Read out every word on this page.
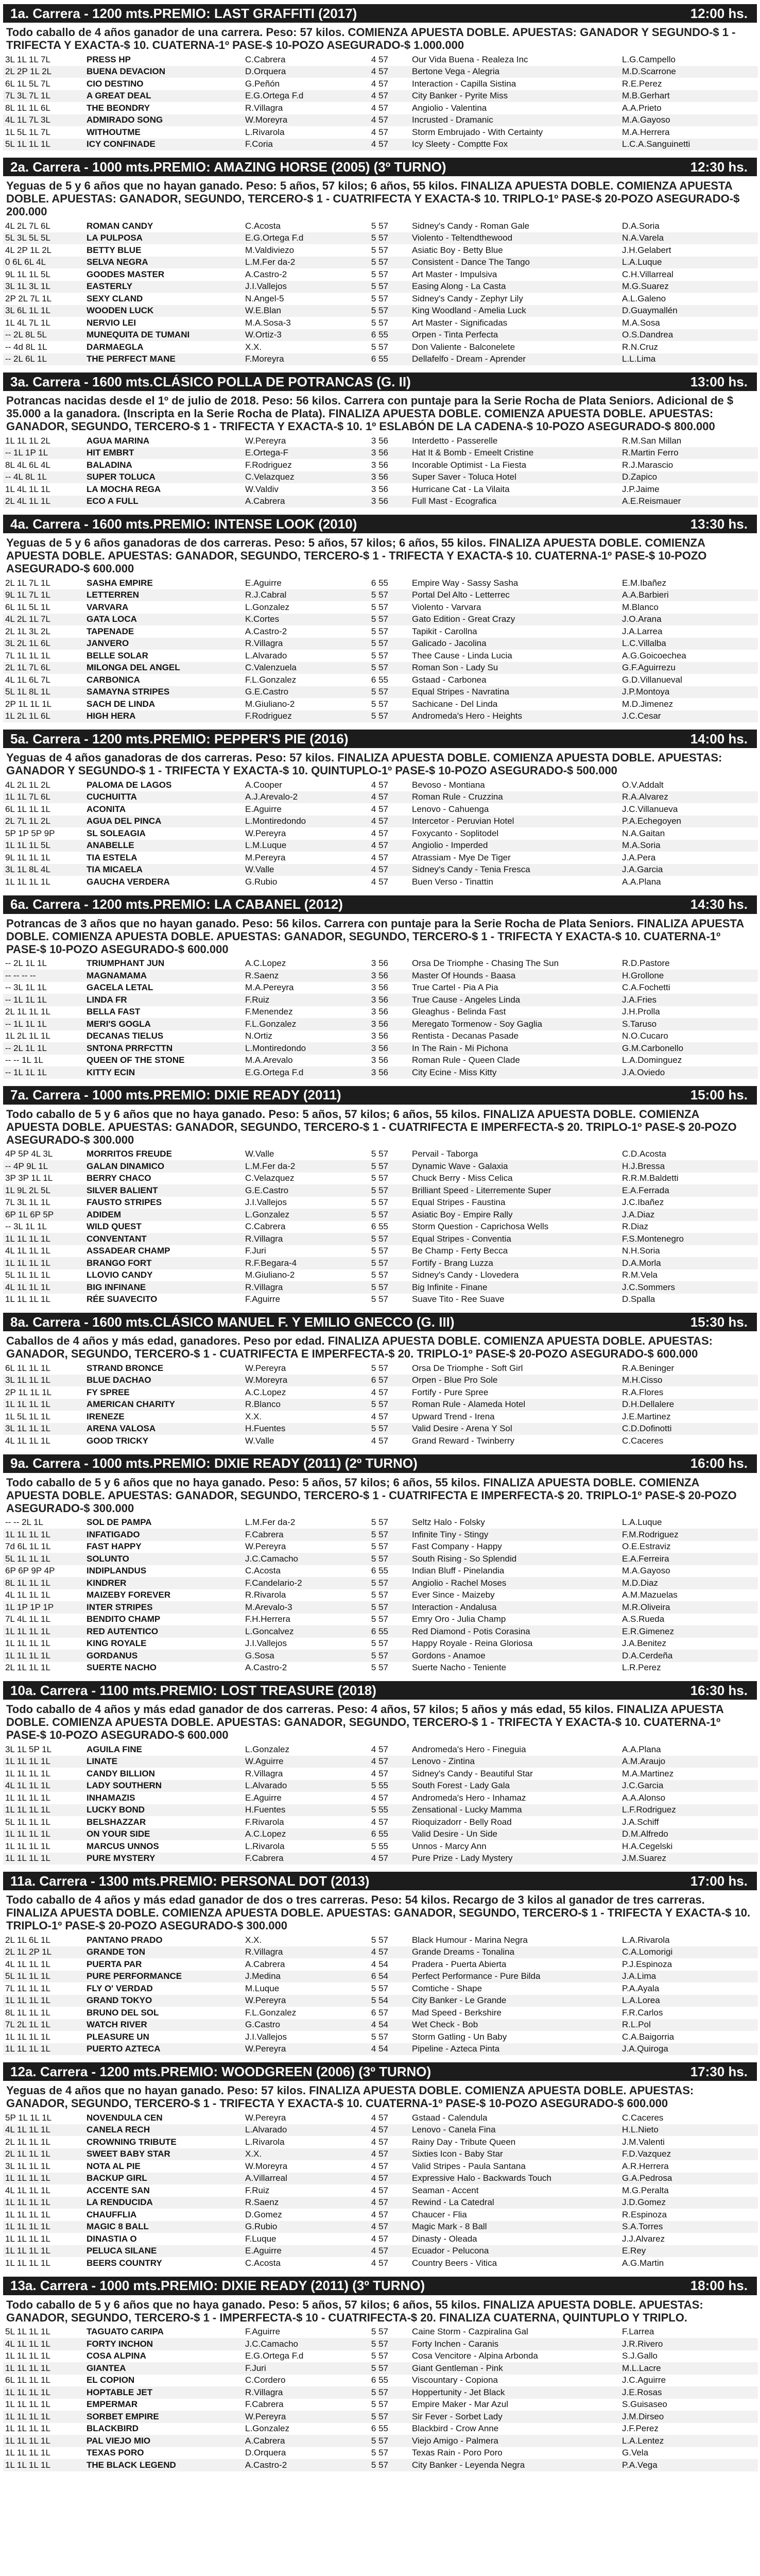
1a. Carrera - 1200 mts.PREMIO: LAST GRAFFITI (2017)	12:00 hs.
Todo caballo de 4 años ganador de una carrera. Peso: 57 kilos. COMIENZA APUESTA DOBLE. APUESTAS: GANADOR Y SEGUNDO-$ 1 - TRIFECTA Y EXACTA-$ 10. CUATERNA-1º PASE-$ 10-POZO ASEGURADO-$ 1.000.000
3L 1L 1L 7L	PRESS HP	C.Cabrera	4 57		Our Vida Buena - Realeza Inc	L.G.Campello
2L 2P 1L 2L	BUENA DEVACION	D.Orquera	4 57		Bertone Vega - Alegria	M.D.Scarrone
6L 1L 5L 7L	CIO DESTINO	G.Peñón	4 57		Interaction - Capilla Sistina	R.E.Perez
7L 3L 7L 1L	A GREAT DEAL	E.G.Ortega F.d	4 57		City Banker - Pyrite Miss	M.B.Gerhart
8L 1L 1L 6L	THE BEONDRY	R.Villagra	4 57		Angiolio - Valentina	A.A.Prieto
4L 1L 7L 3L	ADMIRADO SONG	W.Moreyra	4 57		Incrusted - Dramanic	M.A.Gayoso
1L 5L 1L 7L	WITHOUTME	L.Rivarola	4 57		Storm Embrujado - With Certainty	M.A.Herrera
5L 1L 1L 1L	ICY CONFINADE	F.Coria	4 57		Icy Sleety - Comptte Fox	L.C.A.Sanguinetti
2a. Carrera - 1000 mts.PREMIO: AMAZING HORSE (2005) (3º TURNO)	12:30 hs.
Yeguas de 5 y 6 años que no hayan ganado. Peso: 5 años, 57 kilos; 6 años, 55 kilos. FINALIZA APUESTA DOBLE. COMIENZA APUESTA DOBLE. APUESTAS: GANADOR, SEGUNDO, TERCERO-$ 1 - CUATRIFECTA Y EXACTA-$ 10. TRIPLO-1º PASE-$ 20-POZO ASEGURADO-$ 200.000
4L 2L 7L 6L	ROMAN CANDY	C.Acosta	5 57		Sidney's Candy - Roman Gale	D.A.Soria
5L 3L 5L 5L	LA PULPOSA	E.G.Ortega F.d	5 57		Violento - Teltendthewood	N.A.Varela
4L 2P 1L 2L	BETTY BLUE	M.Valdiviezo	5 57		Asiatic Boy - Betty Blue	J.H.Gelabert
0 6L 6L 4L	SELVA NEGRA	L.M.Fer da-2	5 57		Consistent - Dance The Tango	L.A.Luque
9L 1L 1L 5L	GOODES MASTER	A.Castro-2	5 57		Art Master - Impulsiva	C.H.Villarreal
3L 1L 3L 1L	EASTERLY	J.I.Vallejos	5 57		Easing Along - La Casta	M.G.Suarez
2P 2L 7L 1L	SEXY CLAND	N.Angel-5	5 57		Sidney's Candy - Zephyr Lily	A.L.Galeno
3L 6L 1L 1L	WOODEN LUCK	W.E.Blan	5 57		King Woodland - Amelia Luck	D.Guaymallén
1L 4L 7L 1L	NERVIO LEI	M.A.Sosa-3	5 57		Art Master - Significadas	M.A.Sosa
-- 2L 8L 5L	MUNEQUITA DE TUMANI	W.Ortiz-3	6 55		Orpen - Tinta Perfecta	O.S.Dandrea
-- 4d 8L 1L	DARMAEGLA	X.X.	5 57		Don Valiente - Balconelete	R.N.Cruz
-- 2L 6L 1L	THE PERFECT MANE	F.Moreyra	6 55		Dellafelfo - Dream - Aprender	L.L.Lima
3a. Carrera - 1600 mts.CLÁSICO POLLA DE POTRANCAS (G. II)	13:00 hs.
Potrancas nacidas desde el 1º de julio de 2018. Peso: 56 kilos. Carrera con puntaje para la Serie Rocha de Plata Seniors. Adicional de $ 35.000 a la ganadora. (Inscripta en la Serie Rocha de Plata). FINALIZA APUESTA DOBLE. COMIENZA APUESTA DOBLE. APUESTAS: GANADOR, SEGUNDO, TERCERO-$ 1 - TRIFECTA Y EXACTA-$ 10. 1º ESLABÓN DE LA CADENA-$ 10-POZO ASEGURADO-$ 800.000
1L 1L 1L 2L	AGUA MARINA	W.Pereyra	3 56		Interdetto - Passerelle	R.M.San Millan
-- 1L 1P 1L	HIT EMBRT	E.Ortega-F	3 56		Hat It & Bomb - Emeelt Cristine	R.Martin Ferro
8L 4L 6L 4L	BALADINA	F.Rodriguez	3 56		Incorable Optimist - La Fiesta	R.J.Marascio
-- 4L 8L 1L	SUPER TOLUCA	C.Velazquez	3 56		Super Saver - Toluca Hotel	D.Zapico
1L 4L 1L 1L	LA MOCHA REGA	W.Valdiv	3 56		Hurricane Cat - La Vilaita	J.P.Jaime
2L 4L 1L 1L	ECO A FULL	A.Cabrera	3 56		Full Mast - Ecografica	A.E.Reismauer
4a. Carrera - 1600 mts.PREMIO: INTENSE LOOK (2010)	13:30 hs.
Yeguas de 5 y 6 años ganadoras de dos carreras. Peso: 5 años, 57 kilos; 6 años, 55 kilos. FINALIZA APUESTA DOBLE. COMIENZA APUESTA DOBLE. APUESTAS: GANADOR, SEGUNDO, TERCERO-$ 1 - TRIFECTA Y EXACTA-$ 10. CUATERNA-1º PASE-$ 10-POZO ASEGURADO-$ 600.000
2L 1L 7L 1L	SASHA EMPIRE	E.Aguirre	6 55		Empire Way - Sassy Sasha	E.M.Ibañez
9L 1L 7L 1L	LETTERREN	R.J.Cabral	5 57		Portal Del Alto - Letterrec	A.A.Barbieri
6L 1L 5L 1L	VARVARA	L.Gonzalez	5 57		Violento - Varvara	M.Blanco
4L 2L 1L 7L	GATA LOCA	K.Cortes	5 57		Gato Edition - Great Crazy	J.O.Arana
2L 1L 3L 2L	TAPENADE	A.Castro-2	5 57		Tapikit - Carollna	J.A.Larrea
3L 2L 1L 6L	JANVERO	R.Villagra	5 57		Galicado - Jacolina	L.C.Villalba
7L 1L 1L 1L	BELLE SOLAR	L.Alvarado	5 57		Thee Cause - Linda Lucia	A.G.Goicoechea
2L 1L 7L 6L	MILONGA DEL ANGEL	C.Valenzuela	5 57		Roman Son - Lady Su	G.F.Aguirrezu
4L 1L 6L 7L	CARBONICA	F.L.Gonzalez	6 55		Gstaad - Carbonea	G.D.Villanueval
5L 1L 8L 1L	SAMAYNA STRIPES	G.E.Castro	5 57		Equal Stripes - Navratina	J.P.Montoya
2P 1L 1L 1L	SACH DE LINDA	M.Giuliano-2	5 57		Sachicane - Del Linda	M.D.Jimenez
1L 2L 1L 6L	HIGH HERA	F.Rodriguez	5 57		Andromeda's Hero - Heights	J.C.Cesar
5a. Carrera - 1200 mts.PREMIO: PEPPER'S PIE (2016)	14:00 hs.
Yeguas de 4 años ganadoras de dos carreras. Peso: 57 kilos. FINALIZA APUESTA DOBLE. COMIENZA APUESTA DOBLE. APUESTAS: GANADOR Y SEGUNDO-$ 1 - TRIFECTA Y EXACTA-$ 10. QUINTUPLO-1º PASE-$ 10-POZO ASEGURADO-$ 500.000
4L 2L 1L 2L	PALOMA DE LAGOS	A.Cooper	4 57		Bevoso - Montiana	O.V.Addalt
1L 1L 7L 6L	CUCHUITTA	A.J.Arevalo-2	4 57		Roman Rule - Cruzzina	R.A.Alvarez
6L 1L 1L 1L	ACONITA	E.Aguirre	4 57		Lenovo - Cahuenga	J.C.Villanueva
2L 7L 1L 2L	AGUA DEL PINCA	L.Montiredondo	4 57		Intercetor - Peruvian Hotel	P.A.Echegoyen
5P 1P 5P 9P	SL SOLEAGIA	W.Pereyra	4 57		Foxycanto - Soplitodel	N.A.Gaitan
1L 1L 1L 5L	ANABELLE	L.M.Luque	4 57		Angiolio - Imperded	M.A.Soria
9L 1L 1L 1L	TIA ESTELA	M.Pereyra	4 57		Atrassiam - Mye De Tiger	J.A.Pera
3L 1L 8L 4L	TIA MICAELA	W.Valle	4 57		Sidney's Candy - Tenia Fresca	J.A.Garcia
1L 1L 1L 1L	GAUCHA VERDERA	G.Rubio	4 57		Buen Verso - Tinattin	A.A.Plana
6a. Carrera - 1200 mts.PREMIO: LA CABANEL (2012)	14:30 hs.
Potrancas de 3 años que no hayan ganado. Peso: 56 kilos. Carrera con puntaje para la Serie Rocha de Plata Seniors. FINALIZA APUESTA DOBLE. COMIENZA APUESTA DOBLE. APUESTAS: GANADOR, SEGUNDO, TERCERO-$ 1 - TRIFECTA Y EXACTA-$ 10. CUATERNA-1º PASE-$ 10-POZO ASEGURADO-$ 600.000
-- 2L 1L 1L	TRIUMPHANT JUN	A.C.Lopez	3 56		Orsa De Triomphe - Chasing The Sun	R.D.Pastore
-- -- -- --	MAGNAMAMA	R.Saenz	3 56		Master Of Hounds - Baasa	H.Grollone
-- 3L 1L 1L	GACELA LETAL	M.A.Pereyra	3 56		True Cartel - Pia A Pia	C.A.Fochetti
-- 1L 1L 1L	LINDA FR	F.Ruiz	3 56		True Cause - Angeles Linda	J.A.Fries
2L 1L 1L 1L	BELLA FAST	F.Menendez	3 56		Gleaghus - Belinda Fast	J.H.Prolla
-- 1L 1L 1L	MERI'S GOGLA	F.L.Gonzalez	3 56		Meregato Tormenow - Soy Gaglia	S.Taruso
1L 2L 1L 1L	DECANAS TIELUS	N.Ortiz	3 56		Rentista - Decanas Pasade	N.O.Cucaro
-- 2L 1L 1L	SNTONA PRRFCTTN	L.Montiredondo	3 56		In The Rain - Mi Pichona	G.M.Carbonello
-- -- 1L 1L	QUEEN OF THE STONE	M.A.Arevalo	3 56		Roman Rule - Queen Clade	L.A.Dominguez
-- 1L 1L 1L	KITTY ECIN	E.G.Ortega F.d	3 56		City Ecine - Miss Kitty	J.A.Oviedo
7a. Carrera - 1000 mts.PREMIO: DIXIE READY (2011)	15:00 hs.
Todo caballo de 5 y 6 años que no haya ganado. Peso: 5 años, 57 kilos; 6 años, 55 kilos. FINALIZA APUESTA DOBLE. COMIENZA APUESTA DOBLE. APUESTAS: GANADOR, SEGUNDO, TERCERO-$ 1 - CUATRIFECTA E IMPERFECTA-$ 20. TRIPLO-1º PASE-$ 20-POZO ASEGURADO-$ 300.000
4P 5P 4L 3L	MORRITOS FREUDE	W.Valle	5 57		Pervail - Taborga	C.D.Acosta
-- 4P 9L 1L	GALAN DINAMICO	L.M.Fer da-2	5 57		Dynamic Wave - Galaxia	H.J.Bressa
3P 3P 1L 1L	BERRY CHACO	C.Velazquez	5 57		Chuck Berry - Miss Celica	R.R.M.Baldetti
1L 9L 2L 5L	SILVER BALIENT	G.E.Castro	5 57		Brilliant Speed - Literremente Super	E.A.Ferrada
7L 3L 1L 1L	FAUSTO STRIPES	J.I.Vallejos	5 57		Equal Stripes - Faustina	J.C.Ibañez
6P 1L 6P 5P	ADIDEM	L.Gonzalez	5 57		Asiatic Boy - Empire Rally	J.A.Diaz
-- 3L 1L 1L	WILD QUEST	C.Cabrera	6 55		Storm Question - Caprichosa Wells	R.Diaz
1L 1L 1L 1L	CONVENTANT	R.Villagra	5 57		Equal Stripes - Conventia	F.S.Montenegro
4L 1L 1L 1L	ASSADEAR CHAMP	F.Juri	5 57		Be Champ - Ferty Becca	N.H.Soria
1L 1L 1L 1L	BRANGO FORT	R.F.Begara-4	5 57		Fortify - Brang Luzza	D.A.Morla
5L 1L 1L 1L	LLOVIO CANDY	M.Giuliano-2	5 57		Sidney's Candy - Llovedera	R.M.Vela
4L 1L 1L 1L	BIG INFINANE	R.Villagra	5 57		Big Infinite - Finane	J.C.Sommers
1L 1L 1L 1L	RÉE SUAVECITO	F.Aguirre	5 57		Suave Tito - Ree Suave	D.Spalla
8a. Carrera - 1600 mts.CLÁSICO MANUEL F. Y EMILIO GNECCO (G. III)	15:30 hs.
Caballos de 4 años y más edad, ganadores. Peso por edad. FINALIZA APUESTA DOBLE. COMIENZA APUESTA DOBLE. APUESTAS: GANADOR, SEGUNDO, TERCERO-$ 1 - CUATRIFECTA E IMPERFECTA-$ 20. TRIPLO-1º PASE-$ 20-POZO ASEGURADO-$ 600.000
6L 1L 1L 1L	STRAND BRONCE	W.Pereyra	5 57		Orsa De Triomphe - Soft Girl	R.A.Beninger
3L 1L 1L 1L	BLUE DACHAO	W.Moreyra	6 57		Orpen - Blue Pro Sole	M.H.Cisso
2P 1L 1L 1L	FY SPREE	A.C.Lopez	4 57		Fortify - Pure Spree	R.A.Flores
1L 1L 1L 1L	AMERICAN CHARITY	R.Blanco	5 57		Roman Rule - Alameda Hotel	D.H.Dellalere
1L 5L 1L 1L	IRENEZE	X.X.	4 57		Upward Trend - Irena	J.E.Martinez
3L 1L 1L 1L	ARENA VALOSA	H.Fuentes	5 57		Valid Desire - Arena Y Sol	C.D.Dofinotti
4L 1L 1L 1L	GOOD TRICKY	W.Valle	4 57		Grand Reward - Twinberry	C.Caceres
9a. Carrera - 1000 mts.PREMIO: DIXIE READY (2011) (2º TURNO)	16:00 hs.
Todo caballo de 5 y 6 años que no haya ganado. Peso: 5 años, 57 kilos; 6 años, 55 kilos. FINALIZA APUESTA DOBLE. COMIENZA APUESTA DOBLE. APUESTAS: GANADOR, SEGUNDO, TERCERO-$ 1 - CUATRIFECTA E IMPERFECTA-$ 20. TRIPLO-1º PASE-$ 20-POZO ASEGURADO-$ 300.000
-- -- 2L 1L	SOL DE PAMPA	L.M.Fer da-2	5 57		Seltz Halo - Folsky	L.A.Luque
1L 1L 1L 1L	INFATIGADO	F.Cabrera	5 57		Infinite Tiny - Stingy	F.M.Rodriguez
7d 6L 1L 1L	FAST HAPPY	W.Pereyra	5 57		Fast Company - Happy	O.E.Estraviz
5L 1L 1L 1L	SOLUNTO	J.C.Camacho	5 57		South Rising - So Splendid	E.A.Ferreira
6P 6P 9P 4P	INDIPLANDUS	C.Acosta	6 55		Indian Bluff - Pinelandia	M.A.Gayoso
8L 1L 1L 1L	KINDRER	F.Candelario-2	5 57		Angiolio - Rachel Moses	M.D.Diaz
4L 1L 1L 1L	MAIZEBY FOREVER	R.Rivarola	5 57		Ever Since - Maizeby	A.M.Mazuelas
1L 1P 1P 1P	INTER STRIPES	M.Arevalo-3	5 57		Interaction - Andalusa	M.R.Oliveira
7L 4L 1L 1L	BENDITO CHAMP	F.H.Herrera	5 57		Emry Oro - Julia Champ	A.S.Rueda
1L 1L 1L 1L	RED AUTENTICO	L.Goncalvez	6 55		Red Diamond - Potis Corasina	E.R.Gimenez
1L 1L 1L 1L	KING ROYALE	J.I.Vallejos	5 57		Happy Royale - Reina Gloriosa	J.A.Benitez
1L 1L 1L 1L	GORDANUS	G.Sosa	5 57		Gordons - Anamoe	D.A.Cerdeña
2L 1L 1L 1L	SUERTE NACHO	A.Castro-2	5 57		Suerte Nacho - Teniente	L.R.Perez
10a. Carrera - 1100 mts.PREMIO: LOST TREASURE (2018)	16:30 hs.
Todo caballo de 4 años y más edad ganador de dos carreras. Peso: 4 años, 57 kilos; 5 años y más edad, 55 kilos. FINALIZA APUESTA DOBLE. COMIENZA APUESTA DOBLE. APUESTAS: GANADOR, SEGUNDO, TERCERO-$ 1 - TRIFECTA Y EXACTA-$ 10. CUATERNA-1º PASE-$ 10-POZO ASEGURADO-$ 600.000
3L 1L 5P 1L	AGUILA FINE	L.Gonzalez	4 57		Andromeda's Hero - Fineguia	A.A.Plana
1L 1L 1L 1L	LINATE	W.Aguirre	4 57		Lenovo - Zintina	A.M.Araujo
1L 1L 1L 1L	CANDY BILLION	R.Villagra	4 57		Sidney's Candy - Beautiful Star	M.A.Martinez
4L 1L 1L 1L	LADY SOUTHERN	L.Alvarado	5 55		South Forest - Lady Gala	J.C.Garcia
1L 1L 1L 1L	INHAMAZIS	E.Aguirre	4 57		Andromeda's Hero - Inhamaz	A.A.Alonso
1L 1L 1L 1L	LUCKY BOND	H.Fuentes	5 55		Zensational - Lucky Mamma	L.F.Rodriguez
5L 1L 1L 1L	BELSHAZZAR	F.Rivarola	4 57		Rioquizadorr - Belly Road	J.A.Schiff
1L 1L 1L 1L	ON YOUR SIDE	A.C.Lopez	6 55		Valid Desire - Un Side	D.M.Alfredo
1L 1L 1L 1L	MARCUS UNNOS	L.Rivarola	5 55		Unnos - Marcy Ann	H.A.Cegelski
1L 1L 1L 1L	PURE MYSTERY	F.Cabrera	4 57		Pure Prize - Lady Mystery	J.M.Suarez
11a. Carrera - 1300 mts.PREMIO: PERSONAL DOT (2013)	17:00 hs.
Todo caballo de 4 años y más edad ganador de dos o tres carreras. Peso: 54 kilos. Recargo de 3 kilos al ganador de tres carreras. FINALIZA APUESTA DOBLE. COMIENZA APUESTA DOBLE. APUESTAS: GANADOR, SEGUNDO, TERCERO-$ 1 - TRIFECTA Y EXACTA-$ 10. TRIPLO-1º PASE-$ 20-POZO ASEGURADO-$ 300.000
2L 1L 6L 1L	PANTANO PRADO	X.X.	5 57		Black Humour - Marina Negra	L.A.Rivarola
2L 1L 2P 1L	GRANDE TON	R.Villagra	4 57		Grande Dreams - Tonalina	C.A.Lomorigi
4L 1L 1L 1L	PUERTA PAR	A.Cabrera	4 54		Pradera - Puerta Abierta	P.J.Espinoza
5L 1L 1L 1L	PURE PERFORMANCE	J.Medina	6 54		Perfect Performance - Pure Bilda	J.A.Lima
7L 1L 1L 1L	FLY O' VERDAD	M.Luque	5 57		Comtiche - Shape	P.A.Ayala
1L 1L 1L 1L	GRAND TOKYO	W.Pereyra	5 54		City Banker - Le Grande	L.A.Lorea
8L 1L 1L 1L	BRUNO DEL SOL	F.L.Gonzalez	6 57		Mad Speed - Berkshire	F.R.Carlos
7L 2L 1L 1L	WATCH RIVER	G.Castro	4 54		Wet Check - Bob	R.L.Pol
1L 1L 1L 1L	PLEASURE UN	J.I.Vallejos	5 57		Storm Gatling - Un Baby	C.A.Baigorria
1L 1L 1L 1L	PUERTO AZTECA	W.Pereyra	4 54		Pipeline - Azteca Pinta	J.A.Quiroga
12a. Carrera - 1200 mts.PREMIO: WOODGREEN (2006) (3º TURNO)	17:30 hs.
Yeguas de 4 años que no hayan ganado. Peso: 57 kilos. FINALIZA APUESTA DOBLE. COMIENZA APUESTA DOBLE. APUESTAS: GANADOR, SEGUNDO, TERCERO-$ 1 - TRIFECTA Y EXACTA-$ 10. CUATERNA-1º PASE-$ 10-POZO ASEGURADO-$ 600.000
5P 1L 1L 1L	NOVENDULA CEN	W.Pereyra	4 57		Gstaad - Calendula	C.Caceres
4L 1L 1L 1L	CANELA RECH	L.Alvarado	4 57		Lenovo - Canela Fina	H.L.Nieto
2L 1L 1L 1L	CROWNING TRIBUTE	L.Rivarola	4 57		Rainy Day - Tribute Queen	J.M.Valenti
2L 1L 1L 1L	SWEET BABY STAR	X.X.	4 57		Sixties Icon - Baby Star	F.D.Vazquez
3L 1L 1L 1L	NOTA AL PIE	W.Moreyra	4 57		Valid Stripes - Paula Santana	A.R.Herrera
1L 1L 1L 1L	BACKUP GIRL	A.Villarreal	4 57		Expressive Halo - Backwards Touch	G.A.Pedrosa
4L 1L 1L 1L	ACCENTE SAN	F.Ruiz	4 57		Seaman - Accent	M.G.Peralta
1L 1L 1L 1L	LA RENDUCIDA	R.Saenz	4 57		Rewind - La Catedral	J.D.Gomez
1L 1L 1L 1L	CHAUFFLIA	D.Gomez	4 57		Chaucer - Flia	R.Espinoza
1L 1L 1L 1L	MAGIC 8 BALL	G.Rubio	4 57		Magic Mark - 8 Ball	S.A.Torres
1L 1L 1L 1L	DINASTIA O	F.Luque	4 57		Dinasty - Oleada	J.J.Alvarez
1L 1L 1L 1L	PELUCA SILANE	E.Aguirre	4 57		Ecuador - Pelucona	E.Rey
1L 1L 1L 1L	BEERS COUNTRY	C.Acosta	4 57		Country Beers - Vitica	A.G.Martin
13a. Carrera - 1000 mts.PREMIO: DIXIE READY (2011) (3º TURNO)	18:00 hs.
Todo caballo de 5 y 6 años que no haya ganado. Peso: 5 años, 57 kilos; 6 años, 55 kilos. FINALIZA APUESTA DOBLE. APUESTAS: GANADOR, SEGUNDO, TERCERO-$ 1 - IMPERFECTA-$ 10 - CUATRIFECTA-$ 20. FINALIZA CUATERNA, QUINTUPLO Y TRIPLO.
5L 1L 1L 1L	TAGUATO CARIPA	F.Aguirre	5 57		Caine Storm - Cazpiralina Gal	F.Larrea
4L 1L 1L 1L	FORTY INCHON	J.C.Camacho	5 57		Forty Inchen - Caranis	J.R.Rivero
1L 1L 1L 1L	COSA ALPINA	E.G.Ortega F.d	5 57		Cosa Vencitore - Alpina Arbonda	S.J.Gallo
1L 1L 1L 1L	GIANTEA	F.Juri	5 57		Giant Gentleman - Pink	M.L.Lacre
6L 1L 1L 1L	EL COPION	C.Cordero	6 55		Viscountary - Copiona	J.C.Aguirre
1L 1L 1L 1L	HOPTABLE JET	R.Villagra	5 57		Hoppertunity - Jet Black	J.E.Rosas
1L 1L 1L 1L	EMPERMAR	F.Cabrera	5 57		Empire Maker - Mar Azul	S.Guisaseo
1L 1L 1L 1L	SORBET EMPIRE	W.Pereyra	5 57		Sir Fever - Sorbet Lady	J.M.Dirseo
1L 1L 1L 1L	BLACKBIRD	L.Gonzalez	6 55		Blackbird - Crow Anne	J.F.Perez
1L 1L 1L 1L	PAL VIEJO MIO	A.Cabrera	5 57		Viejo Amigo - Palmera	L.A.Lentez
1L 1L 1L 1L	TEXAS PORO	D.Orquera	5 57		Texas Rain - Poro Poro	G.Vela
1L 1L 1L 1L	THE BLACK LEGEND	A.Castro-2	5 57		City Banker - Leyenda Negra	P.A.Vega
